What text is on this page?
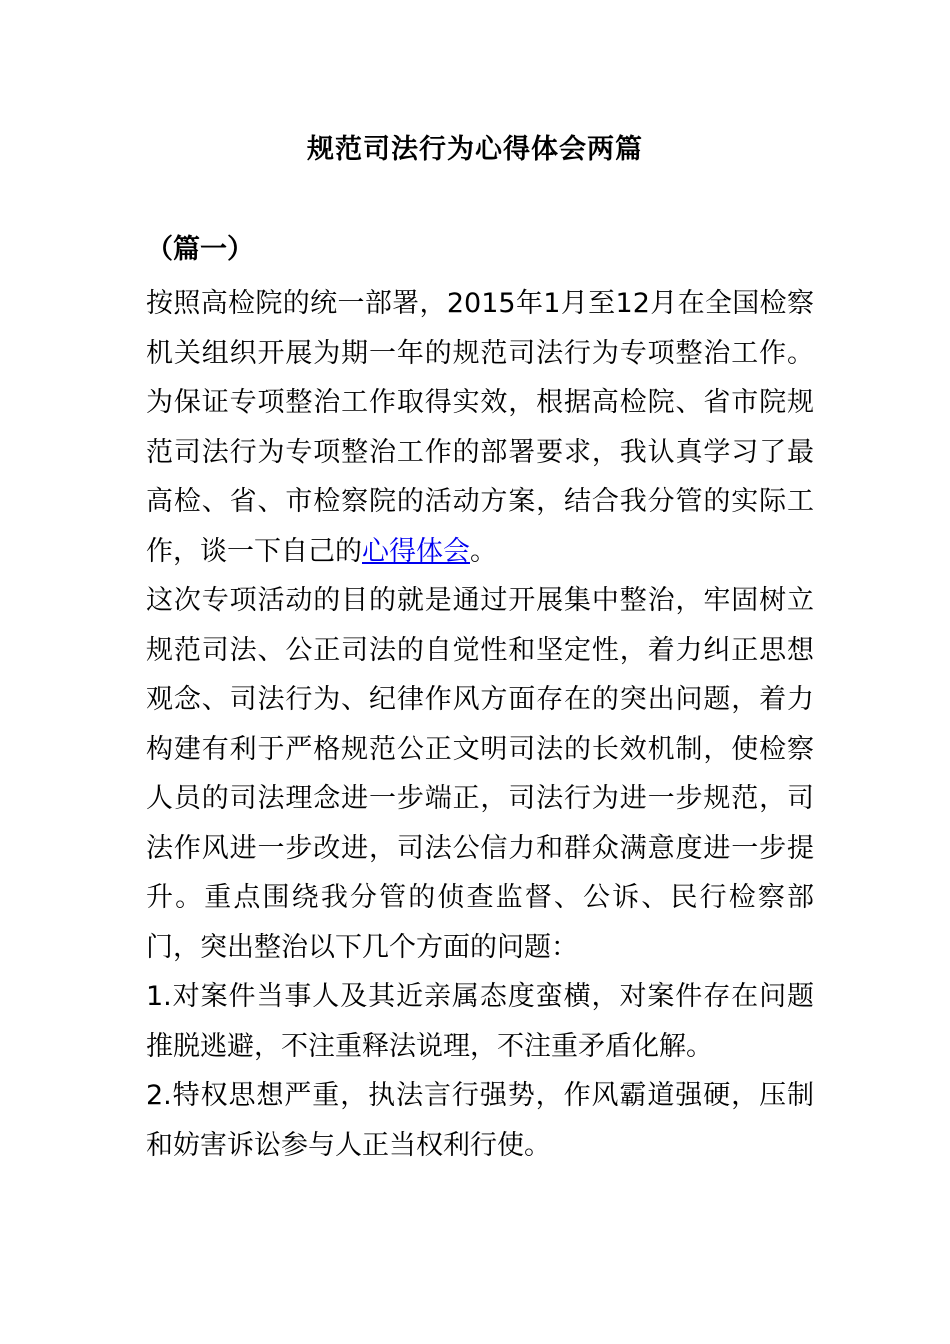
规范司法行为心得体会两篇
（篇一）

按照高检院的统一部署，2015年1月至12月在全国检察机关组织开展为期一年的规范司法行为专项整治工作。为保证专项整治工作取得实效，根据高检院、省市院规范司法行为专项整治工作的部署要求，我认真学习了最高检、省、市检察院的活动方案，结合我分管的实际工作，谈一下自己的心得体会。

这次专项活动的目的就是通过开展集中整治，牢固树立规范司法、公正司法的自觉性和坚定性，着力纠正思想观念、司法行为、纪律作风方面存在的突出问题，着力构建有利于严格规范公正文明司法的长效机制，使检察人员的司法理念进一步端正，司法行为进一步规范，司法作风进一步改进，司法公信力和群众满意度进一步提升。重点围绕我分管的侦查监督、公诉、民行检察部门，突出整治以下几个方面的问题：

1.对案件当事人及其近亲属态度蛮横，对案件存在问题推脱逃避，不注重释法说理，不注重矛盾化解。

2.特权思想严重，执法言行强势，作风霸道强硬，压制和妨害诉讼参与人正当权利行使。
